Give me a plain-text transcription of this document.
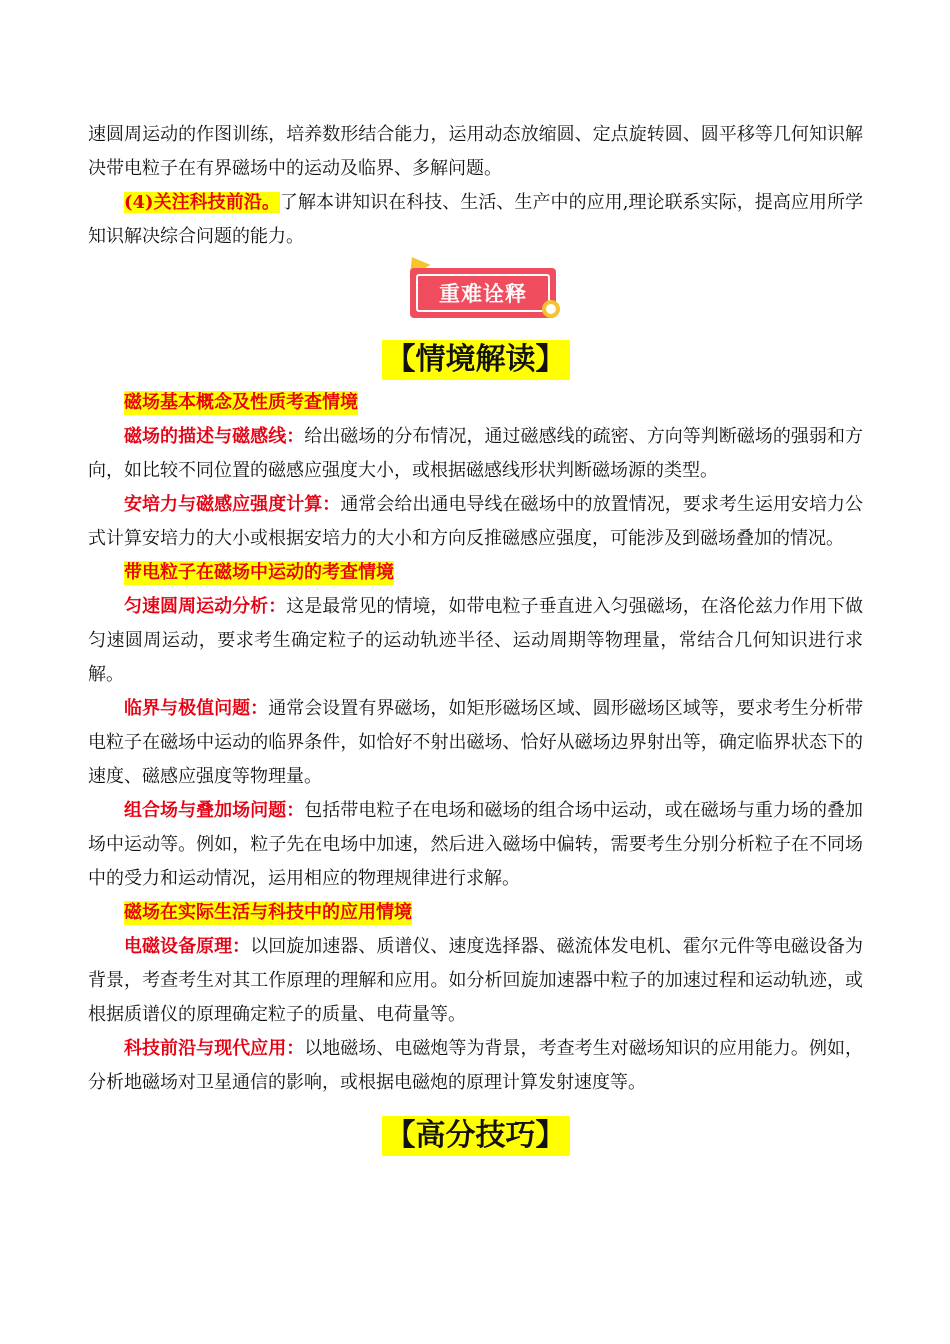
速圆周运动的作图训练，培养数形结合能力，运用动态放缩圆、定点旋转圆、圆平移等几何知识解决带电粒子在有界磁场中的运动及临界、多解问题。

(4)关注科技前沿。了解本讲知识在科技、生活、生产中的应用,理论联系实际，提高应用所学知识解决综合问题的能力。

重难诠释
【情境解读】
磁场基本概念及性质考查情境

磁场的描述与磁感线：给出磁场的分布情况，通过磁感线的疏密、方向等判断磁场的强弱和方向，如比较不同位置的磁感应强度大小，或根据磁感线形状判断磁场源的类型。

安培力与磁感应强度计算：通常会给出通电导线在磁场中的放置情况，要求考生运用安培力公式计算安培力的大小或根据安培力的大小和方向反推磁感应强度，可能涉及到磁场叠加的情况。

带电粒子在磁场中运动的考查情境

匀速圆周运动分析：这是最常见的情境，如带电粒子垂直进入匀强磁场，在洛伦兹力作用下做匀速圆周运动，要求考生确定粒子的运动轨迹半径、运动周期等物理量，常结合几何知识进行求解。

临界与极值问题：通常会设置有界磁场，如矩形磁场区域、圆形磁场区域等，要求考生分析带电粒子在磁场中运动的临界条件，如恰好不射出磁场、恰好从磁场边界射出等，确定临界状态下的速度、磁感应强度等物理量。

组合场与叠加场问题：包括带电粒子在电场和磁场的组合场中运动，或在磁场与重力场的叠加场中运动等。例如，粒子先在电场中加速，然后进入磁场中偏转，需要考生分别分析粒子在不同场中的受力和运动情况，运用相应的物理规律进行求解。

磁场在实际生活与科技中的应用情境

电磁设备原理：以回旋加速器、质谱仪、速度选择器、磁流体发电机、霍尔元件等电磁设备为背景，考查考生对其工作原理的理解和应用。如分析回旋加速器中粒子的加速过程和运动轨迹，或根据质谱仪的原理确定粒子的质量、电荷量等。

科技前沿与现代应用：以地磁场、电磁炮等为背景，考查考生对磁场知识的应用能力。例如，分析地磁场对卫星通信的影响，或根据电磁炮的原理计算发射速度等。

【高分技巧】
